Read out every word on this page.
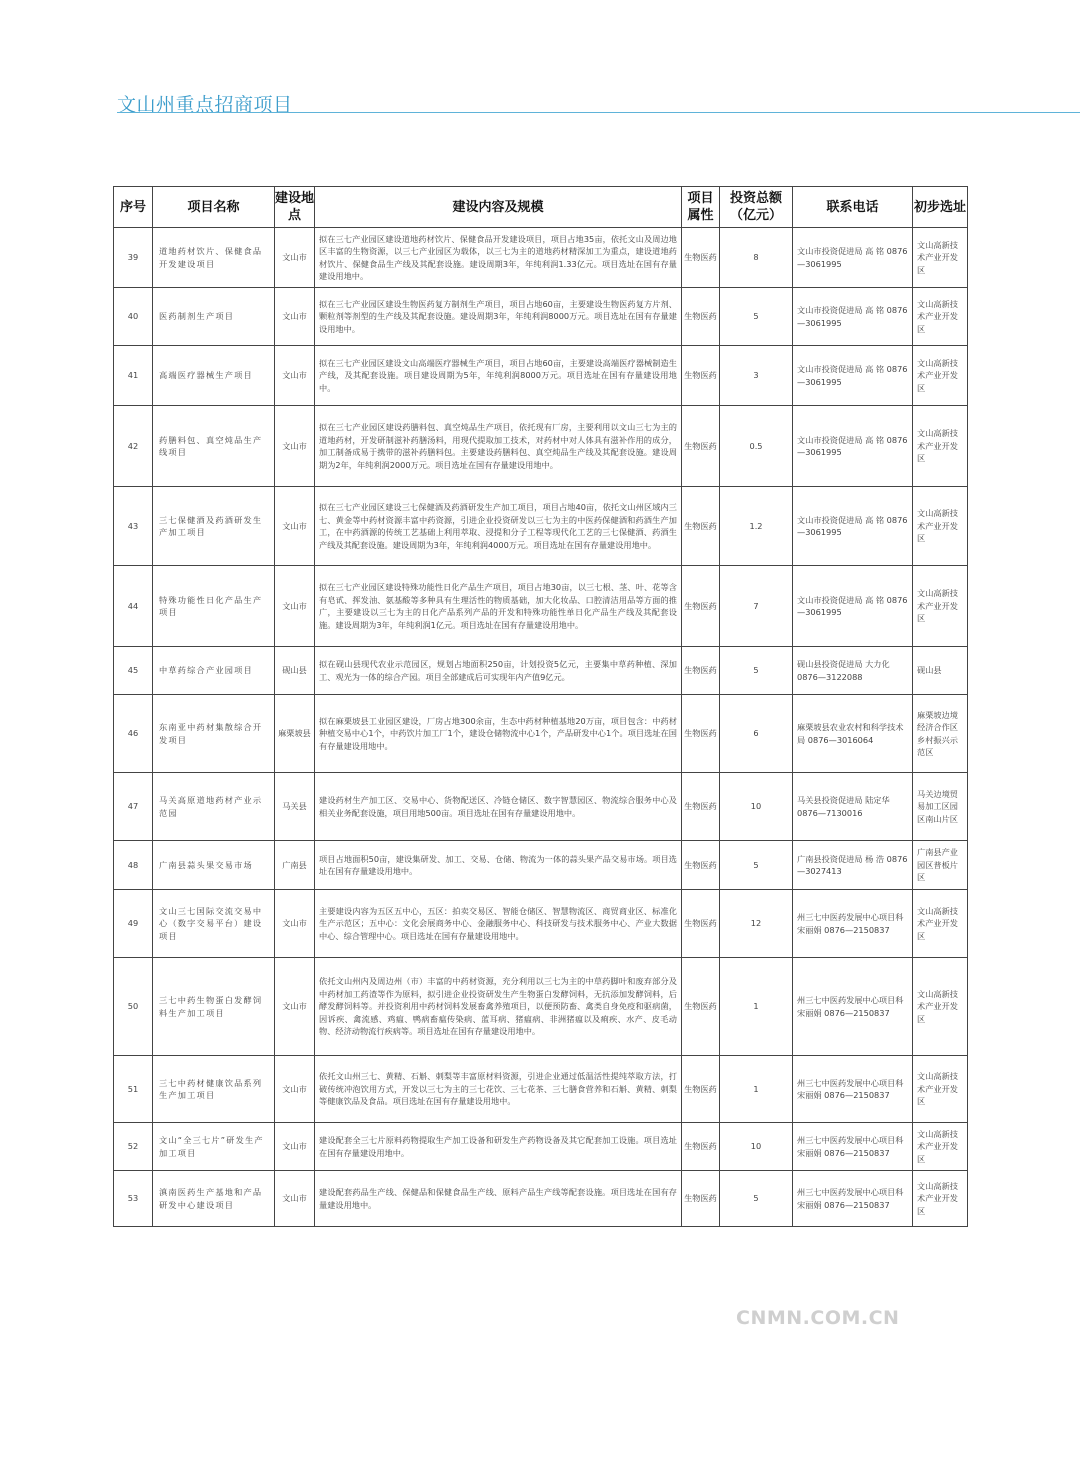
文山州重点招商项目
序号	项目名称	建设地点	建设内容及规模	项目属性	投资总额（亿元）	联系电话	初步选址
39	道地药材饮片、保健食品开发建设项目	文山市	拟在三七产业园区建设道地药材饮片、保健食品开发建设项目，项目占地35亩，依托文山及周边地区丰富的生物资源，以三七产业园区为载体，以三七为主的道地药材精深加工为重点，建设道地药材饮片、保健食品生产线及其配套设施。建设周期3年，年纯利润1.33亿元。项目选址在国有存量建设用地中。	生物医药	8	文山市投资促进局 高 铭 0876—3061995	文山高新技术产业开发区
40	医药制剂生产项目	文山市	拟在三七产业园区建设生物医药复方制剂生产项目，项目占地60亩，主要建设生物医药复方片剂、颗粒剂等剂型的生产线及其配套设施。建设周期3年，年纯利润8000万元。项目选址在国有存量建设用地中。	生物医药	5	文山市投资促进局 高 铭 0876—3061995	文山高新技术产业开发区
41	高端医疗器械生产项目	文山市	拟在三七产业园区建设文山高端医疗器械生产项目，项目占地60亩，主要建设高端医疗器械制造生产线，及其配套设施。项目建设周期为5年，年纯利润8000万元。项目选址在国有存量建设用地中。	生物医药	3	文山市投资促进局 高 铭 0876—3061995	文山高新技术产业开发区
42	药膳料包、真空炖品生产线项目	文山市	拟在三七产业园区建设药膳料包、真空炖品生产项目，依托现有厂房，主要利用以文山三七为主的道地药材，开发研制滋补药膳汤料，用现代提取加工技术，对药材中对人体具有滋补作用的成分，加工制备成易于携带的滋补药膳料包。主要建设药膳料包、真空炖品生产线及其配套设施。建设周期为2年，年纯利润2000万元。项目选址在国有存量建设用地中。	生物医药	0.5	文山市投资促进局 高 铭 0876—3061995	文山高新技术产业开发区
43	三七保健酒及药酒研发生产加工项目	文山市	拟在三七产业园区建设三七保健酒及药酒研发生产加工项目，项目占地40亩，依托文山州区域内三七、黄金等中药材资源丰富中药资源，引进企业投资研发以三七为主的中医药保健酒和药酒生产加工，在中药酒源的传统工艺基础上利用萃取、浸提和分子工程等现代化工艺的三七保健酒、药酒生产线及其配套设施。建设周期为3年，年纯利润4000万元。项目选址在国有存量建设用地中。	生物医药	1.2	文山市投资促进局 高 铭 0876—3061995	文山高新技术产业开发区
44	特殊功能性日化产品生产项目	文山市	拟在三七产业园区建设特殊功能性日化产品生产项目，项目占地30亩，以三七根、茎、叶、花等含有皂甙、挥发油、氨基酸等多种具有生理活性的物质基础，加大化妆品、口腔清洁用品等方面的推广，主要建设以三七为主的日化产品系列产品的开发和特殊功能性单日化产品生产线及其配套设施。建设周期为3年，年纯利润1亿元。项目选址在国有存量建设用地中。	生物医药	7	文山市投资促进局 高 铭 0876—3061995	文山高新技术产业开发区
45	中草药综合产业园项目	砚山县	拟在砚山县现代农业示范园区，规划占地面积250亩，计划投资5亿元，主要集中草药种植、深加工、观光为一体的综合产园。项目全部建成后可实现年内产值9亿元。	生物医药	5	砚山县投资促进局 大力化 0876—3122088	砚山县
46	东南亚中药材集散综合开发项目	麻栗坡县	拟在麻栗坡县工业园区建设，厂房占地300余亩，生态中药材种植基地20万亩，项目包含：中药材种植交易中心1个，中药饮片加工厂1个，建设仓储物流中心1个，产品研发中心1个。项目选址在国有存量建设用地中。	生物医药	6	麻栗坡县农业农村和科学技术局 0876—3016064	麻栗坡边境经济合作区乡村振兴示范区
47	马关高原道地药材产业示范园	马关县	建设药材生产加工区、交易中心、货物配送区、冷链仓储区、数字智慧园区、物流综合服务中心及相关业务配套设施，项目用地500亩。项目选址在国有存量建设用地中。	生物医药	10	马关县投资促进局 陆定华 0876—7130016	马关边境贸易加工区园区南山片区
48	广南县蒜头果交易市场	广南县	项目占地面积50亩，建设集研发、加工、交易、仓储、物流为一体的蒜头果产品交易市场。项目选址在国有存量建设用地中。	生物医药	5	广南县投资促进局 杨 浩 0876—3027413	广南县产业园区普板片区
49	文山三七国际交流交易中心（数字交易平台）建设项目	文山市	主要建设内容为五区五中心，五区：拍卖交易区、智能仓储区、智慧物流区、商贸商业区、标准化生产示范区；五中心：文化会展商务中心、金融服务中心、科技研发与技术服务中心、产业大数据中心、综合管理中心。项目选址在国有存量建设用地中。	生物医药	12	州三七中医药发展中心项目科 宋丽娟 0876—2150837	文山高新技术产业开发区
50	三七中药生物蛋白发酵饲料生产加工项目	文山市	依托文山州内及周边州（市）丰富的中药材资源，充分利用以三七为主的中草药脚叶和废弃部分及中药材加工药渣等作为原料，拟引进企业投资研发生产生物蛋白发酵饲料，无抗添加发酵饲料，后酵发酵饲料等。并投资利用中药材饲料发展畜禽养殖项目，以便预防畜、禽类自身免疫和驱病菌，因诉疾、禽流感、鸡瘟、鸭病畜瘟传染病、蓝耳病、猪瘟病、非洲猪瘟以及痢疾、水产、皮毛动物、经济动物流行疾病等。项目选址在国有存量建设用地中。	生物医药	1	州三七中医药发展中心项目科 宋丽娟 0876—2150837	文山高新技术产业开发区
51	三七中药材健康饮品系列生产加工项目	文山市	依托文山州三七、黄精、石斛、刺梨等丰富原材料资源，引进企业通过低温活性提纯萃取方法，打破传统冲泡饮用方式，开发以三七为主的三七花饮、三七花茶、三七膳食营养和石斛、黄精、刺梨等健康饮品及食品。项目选址在国有存量建设用地中。	生物医药	1	州三七中医药发展中心项目科 宋丽娟 0876—2150837	文山高新技术产业开发区
52	文山“全三七片”研发生产加工项目	文山市	建设配套全三七片原料药物提取生产加工设备和研发生产药物设备及其它配套加工设施。项目选址在国有存量建设用地中。	生物医药	10	州三七中医药发展中心项目科 宋丽娟 0876—2150837	文山高新技术产业开发区
53	滇南医药生产基地和产品研发中心建设项目	文山市	建设配套药品生产线、保健品和保健食品生产线、原料产品生产线等配套设施。项目选址在国有存量建设用地中。	生物医药	5	州三七中医药发展中心项目科 宋丽娟 0876—2150837	文山高新技术产业开发区
CNMN.COM.CN
